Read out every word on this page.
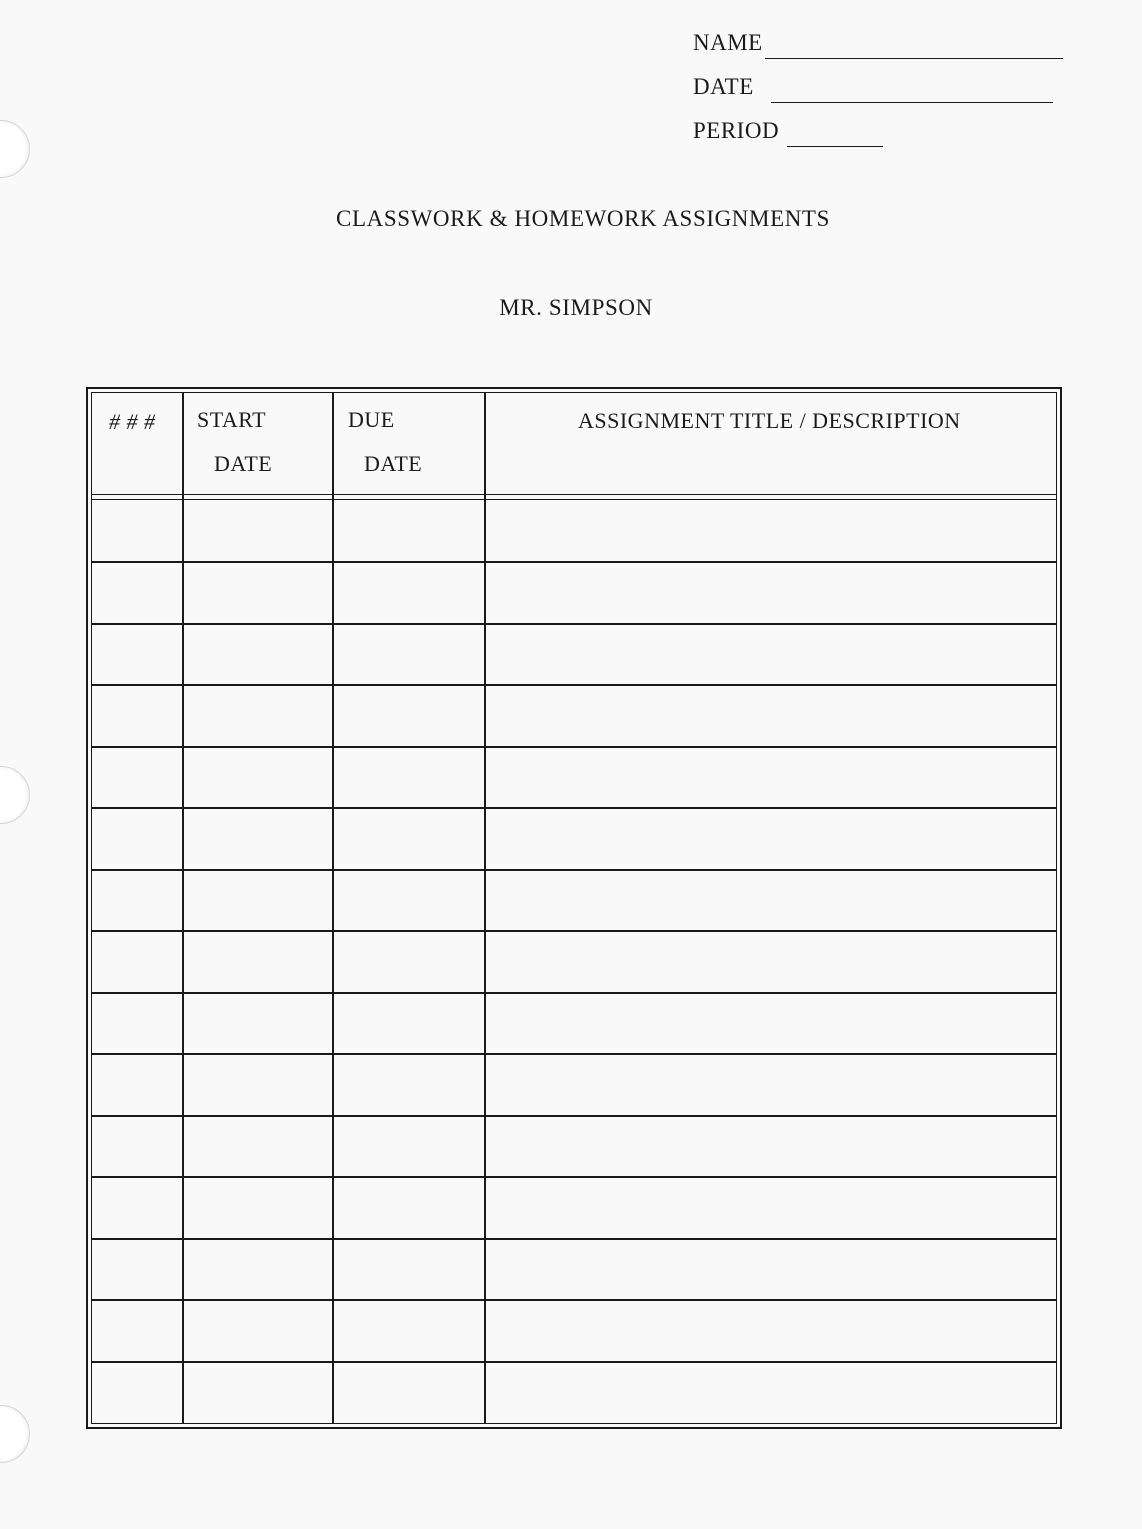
NAME
DATE
PERIOD
CLASSWORK & HOMEWORK ASSIGNMENTS
MR. SIMPSON
# # # START
DATE
DUE
DATE
ASSIGNMENT TITLE / DESCRIPTION
